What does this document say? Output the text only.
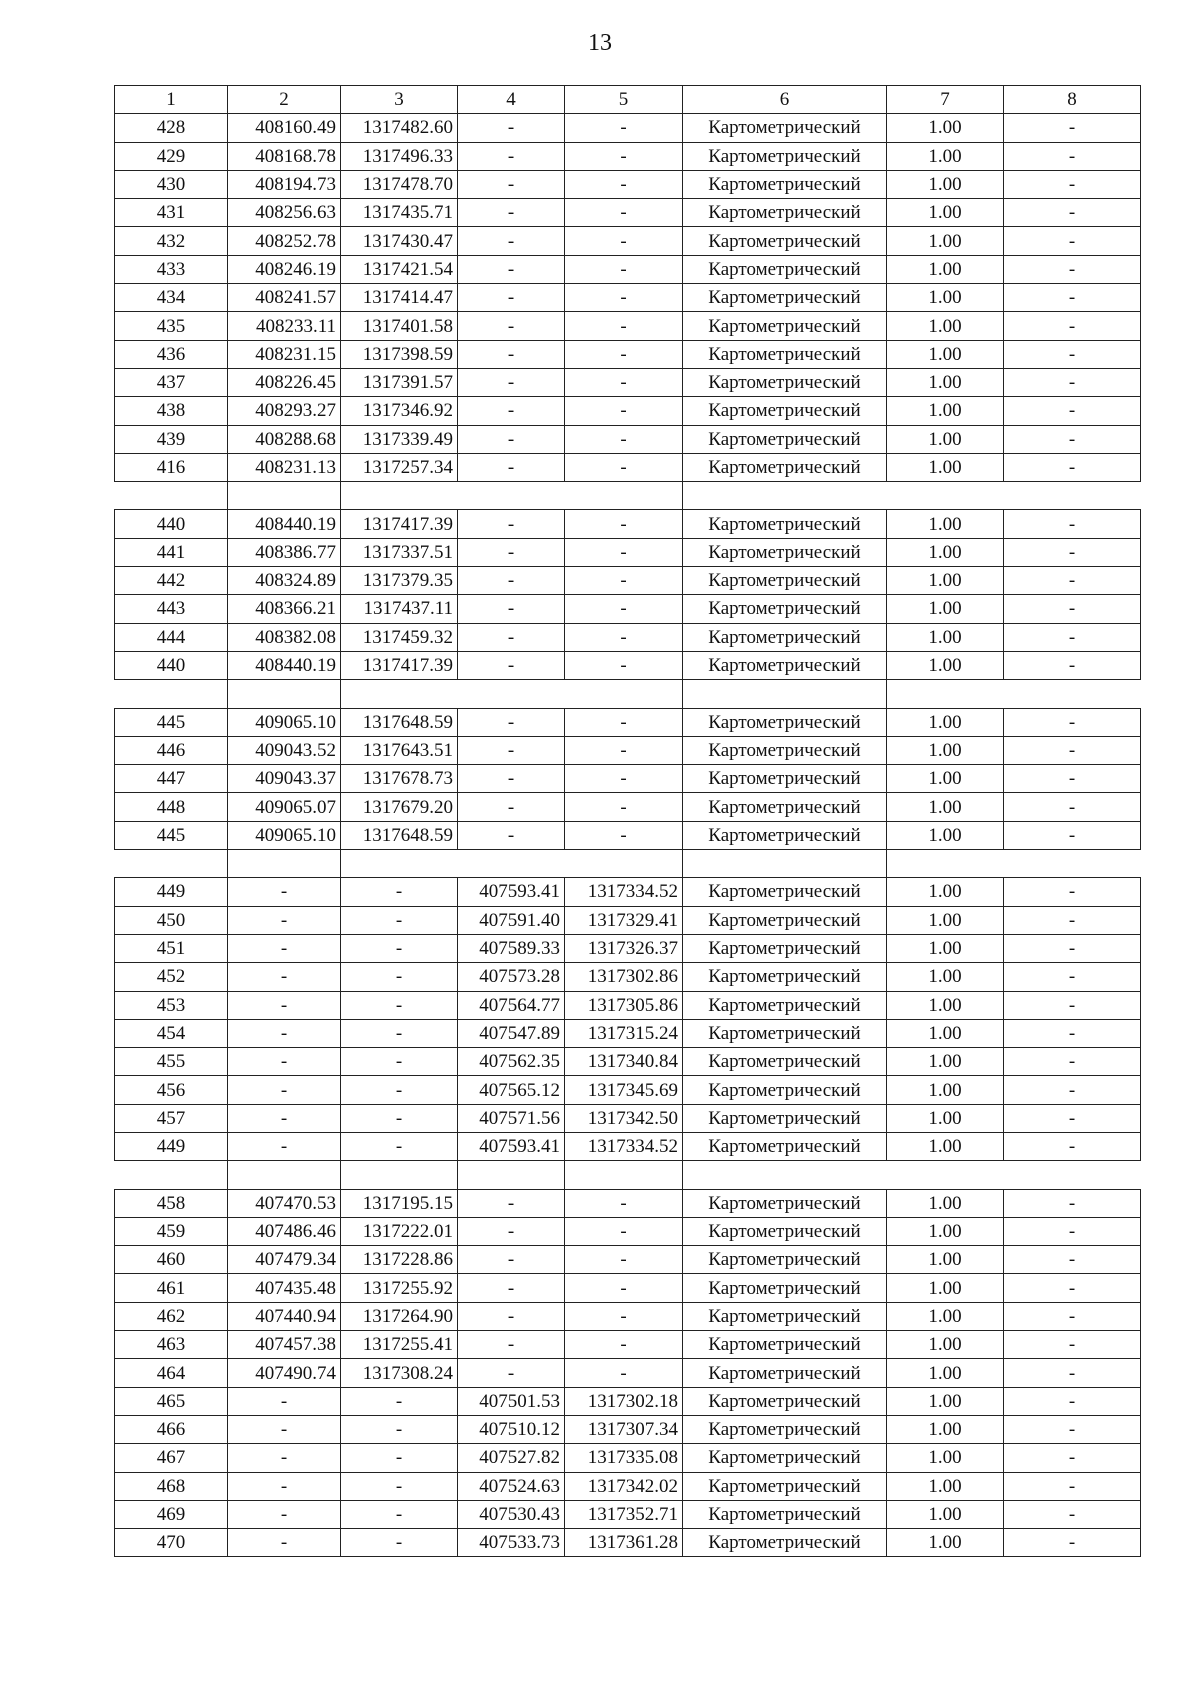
13
1	2	3	4	5	6	7	8
428	408160.49	1317482.60	-	-	Картометрический	1.00	-
429	408168.78	1317496.33	-	-	Картометрический	1.00	-
430	408194.73	1317478.70	-	-	Картометрический	1.00	-
431	408256.63	1317435.71	-	-	Картометрический	1.00	-
432	408252.78	1317430.47	-	-	Картометрический	1.00	-
433	408246.19	1317421.54	-	-	Картометрический	1.00	-
434	408241.57	1317414.47	-	-	Картометрический	1.00	-
435	408233.11	1317401.58	-	-	Картометрический	1.00	-
436	408231.15	1317398.59	-	-	Картометрический	1.00	-
437	408226.45	1317391.57	-	-	Картометрический	1.00	-
438	408293.27	1317346.92	-	-	Картометрический	1.00	-
439	408288.68	1317339.49	-	-	Картометрический	1.00	-
416	408231.13	1317257.34	-	-	Картометрический	1.00	-

440	408440.19	1317417.39	-	-	Картометрический	1.00	-
441	408386.77	1317337.51	-	-	Картометрический	1.00	-
442	408324.89	1317379.35	-	-	Картометрический	1.00	-
443	408366.21	1317437.11	-	-	Картометрический	1.00	-
444	408382.08	1317459.32	-	-	Картометрический	1.00	-
440	408440.19	1317417.39	-	-	Картометрический	1.00	-

445	409065.10	1317648.59	-	-	Картометрический	1.00	-
446	409043.52	1317643.51	-	-	Картометрический	1.00	-
447	409043.37	1317678.73	-	-	Картометрический	1.00	-
448	409065.07	1317679.20	-	-	Картометрический	1.00	-
445	409065.10	1317648.59	-	-	Картометрический	1.00	-

449	-	-	407593.41	1317334.52	Картометрический	1.00	-
450	-	-	407591.40	1317329.41	Картометрический	1.00	-
451	-	-	407589.33	1317326.37	Картометрический	1.00	-
452	-	-	407573.28	1317302.86	Картометрический	1.00	-
453	-	-	407564.77	1317305.86	Картометрический	1.00	-
454	-	-	407547.89	1317315.24	Картометрический	1.00	-
455	-	-	407562.35	1317340.84	Картометрический	1.00	-
456	-	-	407565.12	1317345.69	Картометрический	1.00	-
457	-	-	407571.56	1317342.50	Картометрический	1.00	-
449	-	-	407593.41	1317334.52	Картометрический	1.00	-

458	407470.53	1317195.15	-	-	Картометрический	1.00	-
459	407486.46	1317222.01	-	-	Картометрический	1.00	-
460	407479.34	1317228.86	-	-	Картометрический	1.00	-
461	407435.48	1317255.92	-	-	Картометрический	1.00	-
462	407440.94	1317264.90	-	-	Картометрический	1.00	-
463	407457.38	1317255.41	-	-	Картометрический	1.00	-
464	407490.74	1317308.24	-	-	Картометрический	1.00	-
465	-	-	407501.53	1317302.18	Картометрический	1.00	-
466	-	-	407510.12	1317307.34	Картометрический	1.00	-
467	-	-	407527.82	1317335.08	Картометрический	1.00	-
468	-	-	407524.63	1317342.02	Картометрический	1.00	-
469	-	-	407530.43	1317352.71	Картометрический	1.00	-
470	-	-	407533.73	1317361.28	Картометрический	1.00	-
